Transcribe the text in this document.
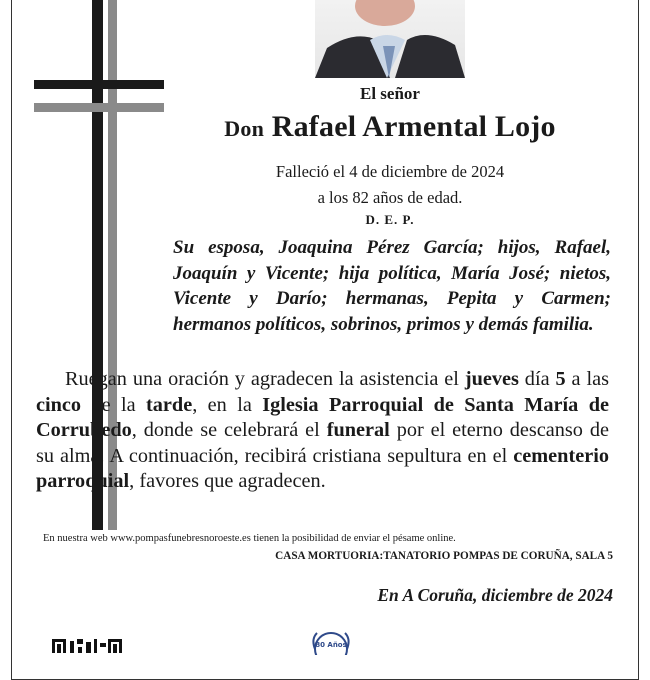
El señor

Don Rafael Armental Lojo

Falleció el 4 de diciembre de 2024

a los 82 años de edad.

D. E. P.

Su esposa, Joaquina Pérez García; hijos, Rafael, Joaquín y Vicente; hija política, María José; nietos, Vicente y Darío; hermanas, Pepita y Carmen; hermanos políticos, sobrinos, primos y demás familia.

Ruegan una oración y agradecen la asistencia el jueves día 5 a las cinco de la tarde, en la Iglesia Parroquial de Santa María de Corrubedo, donde se celebrará el funeral por el eterno descanso de su alma. A continuación, recibirá cristiana sepultura en el cementerio parroquial, favores que agradecen.

En nuestra web www.pompasfunebresnoroeste.es tienen la posibilidad de enviar el pésame online.

CASA MORTUORIA:TANATORIO POMPAS DE CORUÑA, SALA 5

En A Coruña, diciembre de 2024

80 Años
